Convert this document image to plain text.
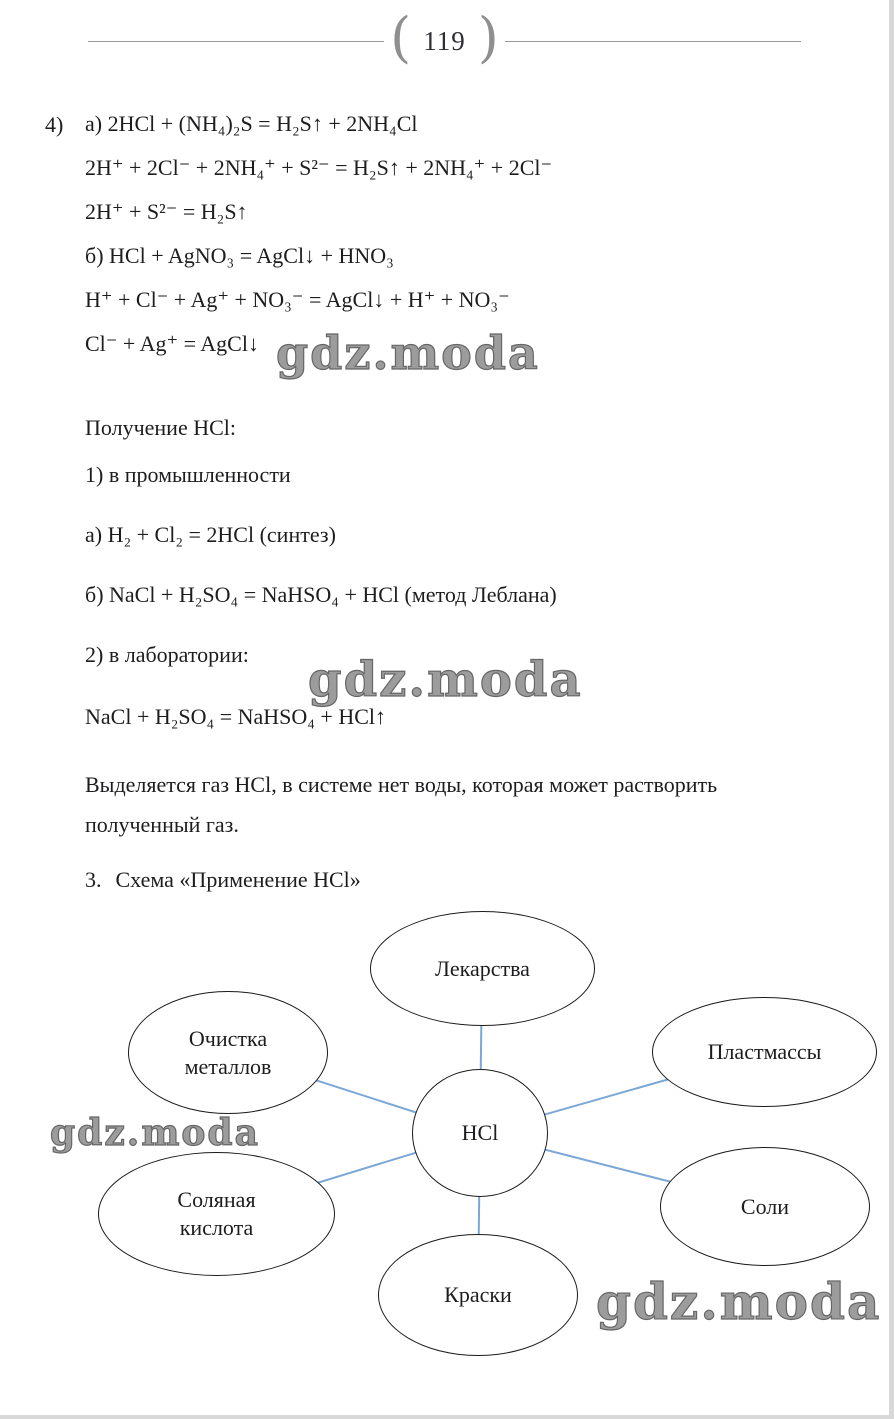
( 119 )
4) а) 2HCl + (NH₄)₂S = H₂S↑ + 2NH₄Cl

2H⁺ + 2Cl⁻ + 2NH₄⁺ + S²⁻ = H₂S↑ + 2NH₄⁺ + 2Cl⁻

2H⁺ + S²⁻ = H₂S↑

б) HCl + AgNO₃ = AgCl↓ + HNO₃

H⁺ + Cl⁻ + Ag⁺ + NO₃⁻ = AgCl↓ + H⁺ + NO₃⁻

Cl⁻ + Ag⁺ = AgCl↓

Получение HCl:

1) в промышленности

а) H₂ + Cl₂ = 2HCl (синтез)

б) NaCl + H₂SO₄ = NaHSO₄ + HCl (метод Леблана)

2) в лаборатории:

NaCl + H₂SO₄ = NaHSO₄ + HCl↑

Выделяется газ HCl, в системе нет воды, которая может растворить полученный газ.

3. Схема «Применение HCl»

Лекарства
Очистка металлов
Пластмассы
HCl
Соляная кислота
Соли
Краски
gdz.moda
gdz.moda
gdz.moda
gdz.moda
